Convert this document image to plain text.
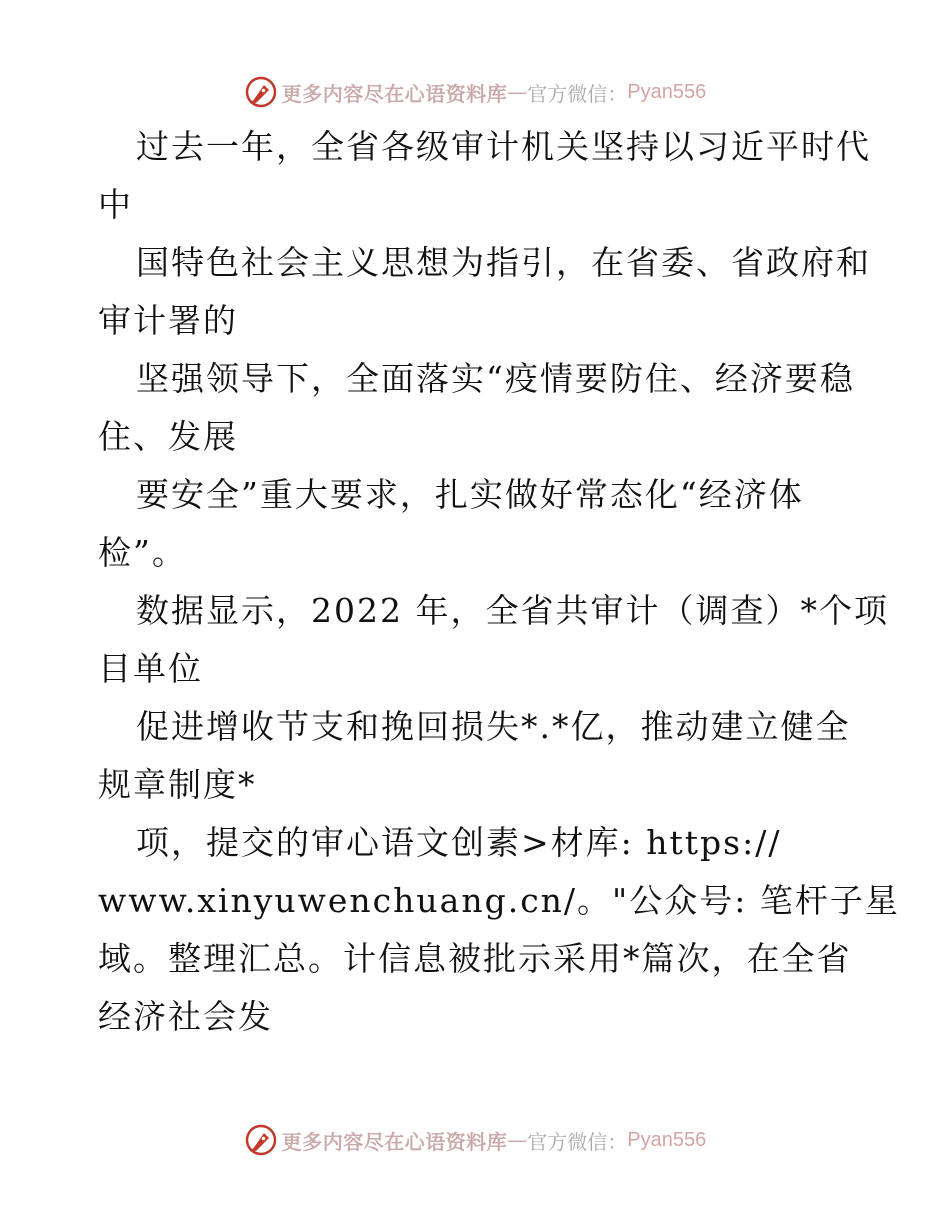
更多内容尽在心语资料库 — 官方微信： Pyan556
过去一年，全省各级审计机关坚持以习近平时代
中
国特色社会主义思想为指引，在省委、省政府和
审计署的
坚强领导下，全面落实“疫情要防住、经济要稳
住、发展
要安全”重大要求，扎实做好常态化“经济体
检”。
数据显示，2022 年，全省共审计（调查）*个项
目单位
促进增收节支和挽回损失*.*亿，推动建立健全
规章制度*
项，提交的审心语文创素>材库: https://
www.xinyuwenchuang.cn/。"公众号: 笔杆子星
域。整理汇总。计信息被批示采用*篇次，在全省
经济社会发
更多内容尽在心语资料库 — 官方微信： Pyan556
